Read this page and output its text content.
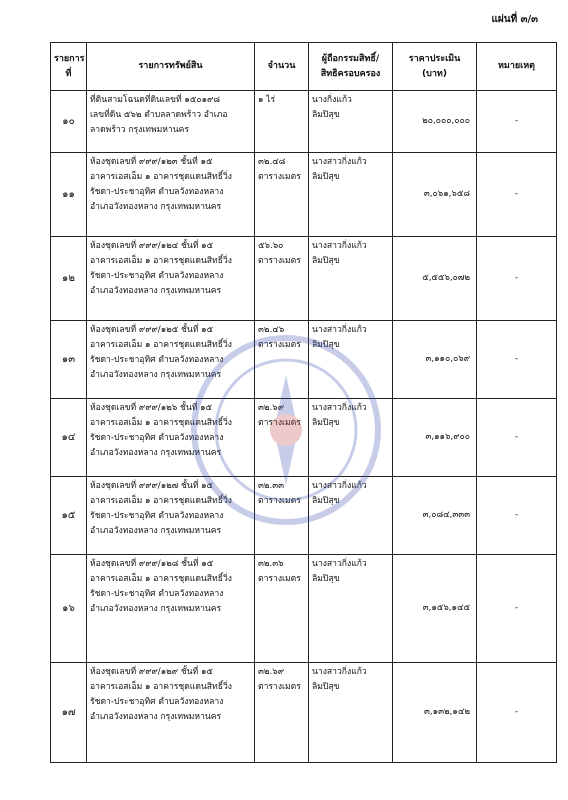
แผ่นที่ ๓/๓
รายการที่	รายการทรัพย์สิน	จำนวน	ผู้ถือกรรมสิทธิ์/ สิทธิครอบครอง	ราคาประเมิน (บาท)	หมายเหตุ
๑๐	ที่ดินสามโฉนดที่ดินเลขที่ ๑๕๐๑๙๘
เลขที่ดิน ๕๖๒ ตำบลลาดพร้าว อำเภอ
ลาดพร้าว กรุงเทพมหานคร	๑ ไร่	นางกิ่งแก้ว
ลิมปิสุข	๒๐,๐๐๐,๐๐๐	-
๑๑	ห้องชุดเลขที่ ๙๙๙/๑๒๓ ชั้นที่ ๑๕
อาคารเอสเอ็ม ๑ อาคารชุดแดนสิทธิ์วิ่ง
รัชดา-ประชาอุทิศ ตำบลวังทองหลาง
อำเภอวังทองหลาง กรุงเทพมหานคร	๓๒.๔๘
ตารางเมตร	นางสาวกิ่งแก้ว
ลิมปิสุข	๓,๐๖๑,๖๕๘	-
๑๒	ห้องชุดเลขที่ ๙๙๙/๑๒๔ ชั้นที่ ๑๕
อาคารเอสเอ็ม ๑ อาคารชุดแดนสิทธิ์วิ่ง
รัชดา-ประชาอุทิศ ตำบลวังทองหลาง
อำเภอวังทองหลาง กรุงเทพมหานคร	๕๖.๖๐
ตารางเมตร	นางสาวกิ่งแก้ว
ลิมปิสุข	๕,๕๕๖,๐๗๒	-
๑๓	ห้องชุดเลขที่ ๙๙๙/๑๒๕ ชั้นที่ ๑๕
อาคารเอสเอ็ม ๑ อาคารชุดแดนสิทธิ์วิ่ง
รัชดา-ประชาอุทิศ ตำบลวังทองหลาง
อำเภอวังทองหลาง กรุงเทพมหานคร	๓๒.๔๖
ตารางเมตร	นางสาวกิ่งแก้ว
ลิมปิสุข	๓,๑๑๐,๐๖๙	-
๑๔	ห้องชุดเลขที่ ๙๙๙/๑๒๖ ชั้นที่ ๑๕
อาคารเอสเอ็ม ๑ อาคารชุดแดนสิทธิ์วิ่ง
รัชดา-ประชาอุทิศ ตำบลวังทองหลาง
อำเภอวังทองหลาง กรุงเทพมหานคร	๓๒.๖๙
ตารางเมตร	นางสาวกิ่งแก้ว
ลิมปิสุข	๓,๑๑๖,๙๐๐	-
๑๕	ห้องชุดเลขที่ ๙๙๙/๑๒๗ ชั้นที่ ๑๕
อาคารเอสเอ็ม ๑ อาคารชุดแดนสิทธิ์วิ่ง
รัชดา-ประชาอุทิศ ตำบลวังทองหลาง
อำเภอวังทองหลาง กรุงเทพมหานคร	๓๒.๓๓
ตารางเมตร	นางสาวกิ่งแก้ว
ลิมปิสุข	๓,๐๘๔,๓๓๓	-
๑๖	ห้องชุดเลขที่ ๙๙๙/๑๒๘ ชั้นที่ ๑๕
อาคารเอสเอ็ม ๑ อาคารชุดแดนสิทธิ์วิ่ง
รัชดา-ประชาอุทิศ ตำบลวังทองหลาง
อำเภอวังทองหลาง กรุงเทพมหานคร	๓๒.๓๖
ตารางเมตร	นางสาวกิ่งแก้ว
ลิมปิสุข	๓,๑๕๖,๑๔๕	-
๑๗	ห้องชุดเลขที่ ๙๙๙/๑๒๙ ชั้นที่ ๑๕
อาคารเอสเอ็ม ๑ อาคารชุดแดนสิทธิ์วิ่ง
รัชดา-ประชาอุทิศ ตำบลวังทองหลาง
อำเภอวังทองหลาง กรุงเทพมหานคร	๓๒.๖๙
ตารางเมตร	นางสาวกิ่งแก้ว
ลิมปิสุข	๓,๑๓๒,๑๔๒	-
